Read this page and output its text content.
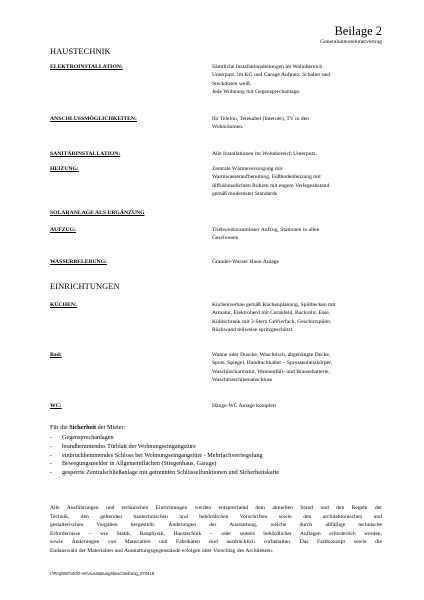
Beilage 2
Generalunternehmervertrag
HAUSTECHNIK
ELEKTROINSTALLATION:	Sämtliche Installationsleitungen im Wohnbereich
Unterputz, im KG und Garage Aufputz. Schalter und
Steckdosen weiß.
Jede Wohnung mit Gegensprechanlage.
ANSCHLUSSMÖGLICHKEITEN:	für Telefon, Telekabel (Internet), TV in den
Wohnräumen.
SANITÄRINSTALLATION:	Alle Installationen im Wohnbereich Unterputz.
HEIZUNG:	Zentrale Wärmeversorgung mit
Warmwasseraufbereitung, Fußbodenheizung mit
diffusionsdichten Rohren mit engem Verlegeabstand
gemäß modernster Standards
SOLARANLAGE ALS ERGÄNZUNG
AUFZUG:	Triebwerksraumloser Aufzug, Stationen in allen
Geschossen
WASSERBELEBUNG:	Grander-Wasser Haus-Anlage
EINRICHTUNGEN
KÜCHEN:	Küchenverbau gemäß Küchenplanung, Spülbecken mit
Armatur, Elektroherd mit Ceranfeld, Backrohr, Esse,
Kühlschrank mit 3-Stern Gefrierfach, Geschirrspüler,
Rückwand teilweise spritzgeschützt
Bad:	Wanne oder Dusche, Waschtisch, abgehängte Decke,
Spots, Spiegel, Handtuchhalter – Sprossenheizkörper,
Waschtischarmatur, Wannenfüll- und Brausebatterie,
Waschmaschinenanschluss
WC:	Hänge-WC Anlage komplett
Für die Sicherheit der Mieter:
- Gegensprechanlagen
- brandhemmendes Türblatt der Wohnungseingangstüre
- einbruchhemmendes Schloss bei Wohnungseingangstüre - Mehrfachverriegelung
- Bewegungsmelder in Allgemeinflächen (Stiegenhaus, Garage)
- gesperrte Zentralschließanlage mit getrennten Schlüsselfunktionen und Sicherheitskarte
Alle Ausführungen und technischen Einrichtungen werden entsprechend dem aktuellen Stand und den Regeln der
Technik, den geltenden bautechnischen und behördlichen Vorschriften sowie den architektonischen und
gestalterischen Vorgaben hergestellt. Änderungen der Ausstattung, welche durch allfällige technische
Erfordernisse – wie Statik, Bauphysik, Haustechnik – oder seitens behördlicher Auflagen erforderlich werden,
sowie Änderungen von Materialien und Fabrikaten sind ausdrücklich vorbehalten. Das Farbkonzept sowie die
Endauswahl der Materialien und Ausstattungsgegenstände erfolgen über Vorschlag des Architekten.
I:\Proj\WG\VK\D-VK\Ausstattungsbeschreibung_070418
